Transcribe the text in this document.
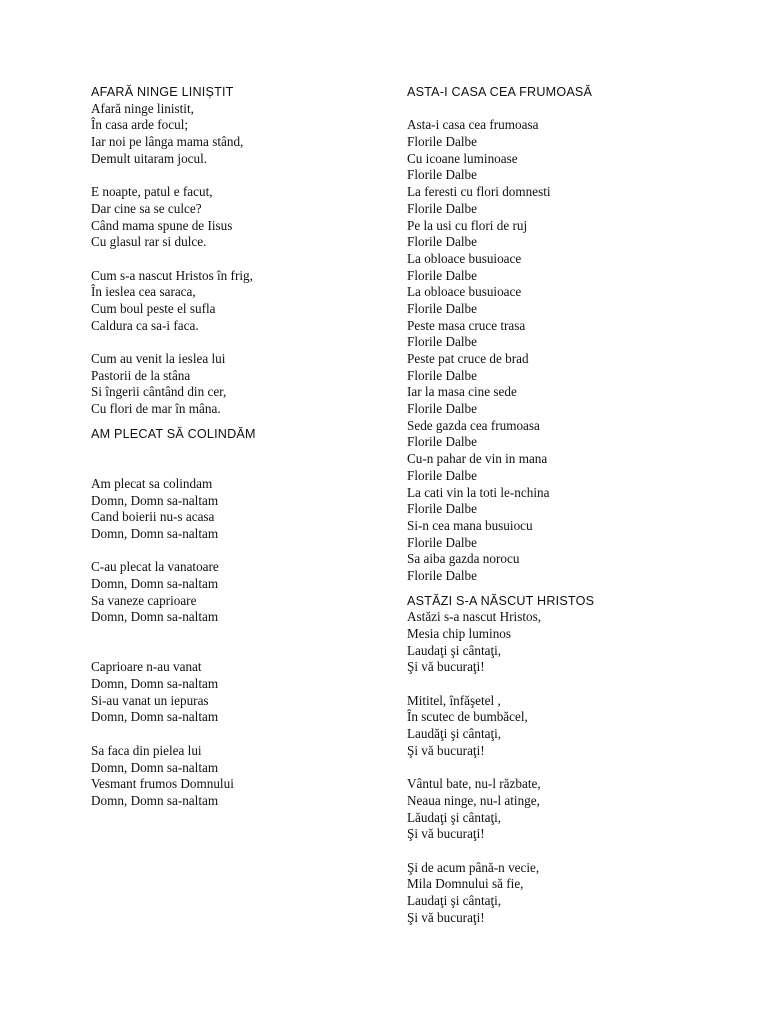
AFARĂ NINGE LINIȘTIT
Afară ninge linistit,
În casa arde focul;
Iar noi pe lânga mama stând,
Demult uitaram jocul.
E noapte, patul e facut,
Dar cine sa se culce?
Când mama spune de Iisus
Cu glasul rar si dulce.
Cum s-a nascut Hristos în frig,
În ieslea cea saraca,
Cum boul peste el sufla
Caldura ca sa-i faca.
Cum au venit la ieslea lui
Pastorii de la stâna
Si îngerii cântând din cer,
Cu flori de mar în mâna.
AM PLECAT SĂ COLINDĂM
Am plecat sa colindam
Domn, Domn sa-naltam
Cand boierii nu-s acasa
Domn, Domn sa-naltam
C-au plecat la vanatoare
Domn, Domn sa-naltam
Sa vaneze caprioare
Domn, Domn sa-naltam
Caprioare n-au vanat
Domn, Domn sa-naltam
Si-au vanat un iepuras
Domn, Domn sa-naltam
Sa faca din pielea lui
Domn, Domn sa-naltam
Vesmant frumos Domnului
Domn, Domn sa-naltam
ASTA-I CASA CEA FRUMOASĂ
Asta-i casa cea frumoasa
Florile Dalbe
Cu icoane luminoase
Florile Dalbe
La feresti cu flori domnesti
Florile Dalbe
Pe la usi cu flori de ruj
Florile Dalbe
La obloace busuioace
Florile Dalbe
La obloace busuioace
Florile Dalbe
Peste masa cruce trasa
Florile Dalbe
Peste pat cruce de brad
Florile Dalbe
Iar la masa cine sede
Florile Dalbe
Sede gazda cea frumoasa
Florile Dalbe
Cu-n pahar de vin in mana
Florile Dalbe
La cati vin la toti le-nchina
Florile Dalbe
Si-n cea mana busuiocu
Florile Dalbe
Sa aiba gazda norocu
Florile Dalbe
ASTĂZI S-A NĂSCUT HRISTOS
Astăzi s-a nascut Hristos,
Mesia chip luminos
Laudaţi şi cântaţi,
Şi vă bucuraţi!
Mititel, înfăşetel ,
În scutec de bumbăcel,
Laudăţi şi cântaţi,
Şi vă bucuraţi!
Vântul bate, nu-l răzbate,
Neaua ninge, nu-l atinge,
Lăudaţi şi cântaţi,
Şi vă bucuraţi!
Şi de acum până-n vecie,
Mila Domnului să fie,
Laudaţi şi cântaţi,
Şi vă bucuraţi!
